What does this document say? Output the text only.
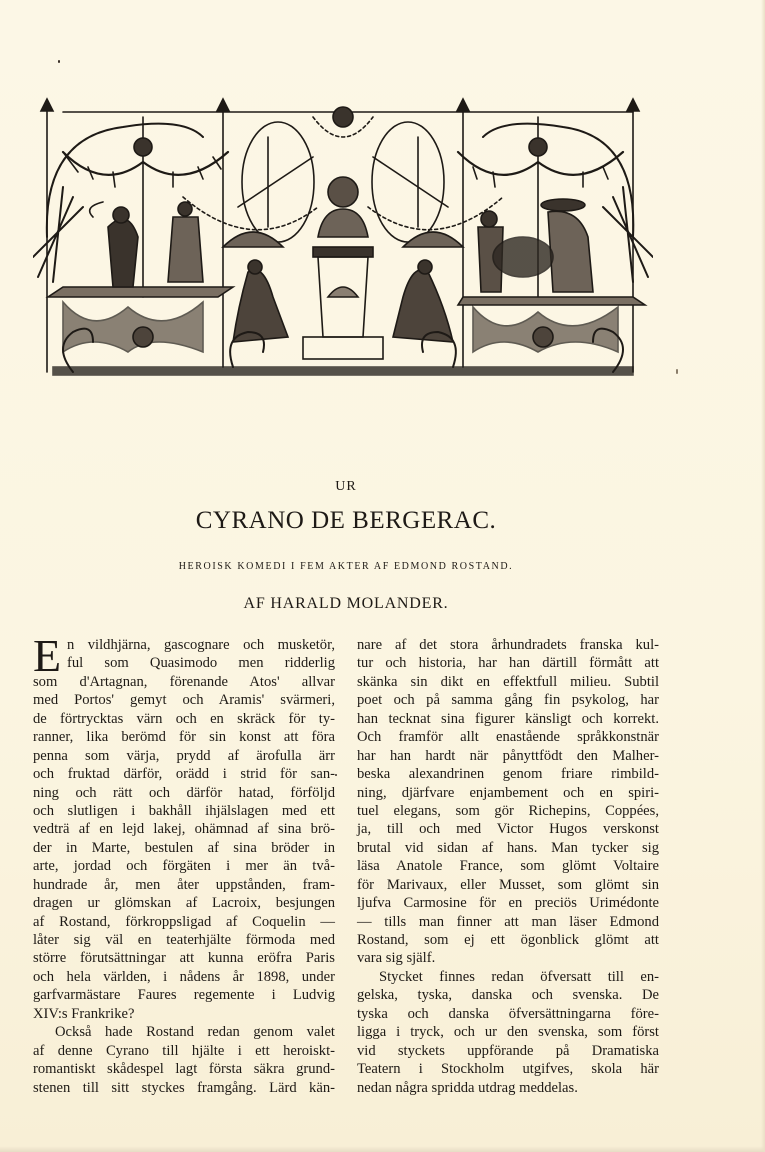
UR
CYRANO DE BERGERAC.
HEROISK KOMEDI I FEM AKTER AF EDMOND ROSTAND.
AF HARALD MOLANDER.
E n vildhjärna, gascognare och musketör,
ful som Quasimodo men ridderlig
som d'Artagnan, förenande Atos' allvar
med Portos' gemyt och Aramis' svärmeri,
de förtrycktas värn och en skräck för ty-
ranner, lika berömd för sin konst att föra
penna som värja, prydd af ärofulla ärr
och fruktad därför, orädd i strid för san-
ning och rätt och därför hatad, förföljd
och slutligen i bakhåll ihjälslagen med ett
vedträ af en lejd lakej, ohämnad af sina brö-
der in Marte, bestulen af sina bröder in
arte, jordad och förgäten i mer än två-
hundrade år, men åter uppstånden, fram-
dragen ur glömskan af Lacroix, besjungen
af Rostand, förkroppsligad af Coquelin —
låter sig väl en teaterhjälte förmoda med
större förutsättningar att kunna eröfra Paris
och hela världen, i nådens år 1898, under
garfvarmästare Faures regemente i Ludvig
XIV:s Frankrike?
Också hade Rostand redan genom valet
af denne Cyrano till hjälte i ett heroiskt-
romantiskt skådespel lagt första säkra grund-
stenen till sitt styckes framgång. Lärd kän-
nare af det stora århundradets franska kul-
tur och historia, har han därtill förmått att
skänka sin dikt en effektfull milieu. Subtil
poet och på samma gång fin psykolog, har
han tecknat sina figurer känsligt och korrekt.
Och framför allt enastående språkkonstnär
har han hardt när pånyttfödt den Malher-
beska alexandrinen genom friare rimbild-
ning, djärfvare enjambement och en spiri-
tuel elegans, som gör Richepins, Coppées,
ja, till och med Victor Hugos verskonst
brutal vid sidan af hans. Man tycker sig
läsa Anatole France, som glömt Voltaire
för Marivaux, eller Musset, som glömt sin
ljufva Carmosine för en preciös Urimédonte
— tills man finner att man läser Edmond
Rostand, som ej ett ögonblick glömt att
vara sig själf.
Stycket finnes redan öfversatt till en-
gelska, tyska, danska och svenska. De
tyska och danska öfversättningarna före-
ligga i tryck, och ur den svenska, som först
vid styckets uppförande på Dramatiska
Teatern i Stockholm utgifves, skola här
nedan några spridda utdrag meddelas.
